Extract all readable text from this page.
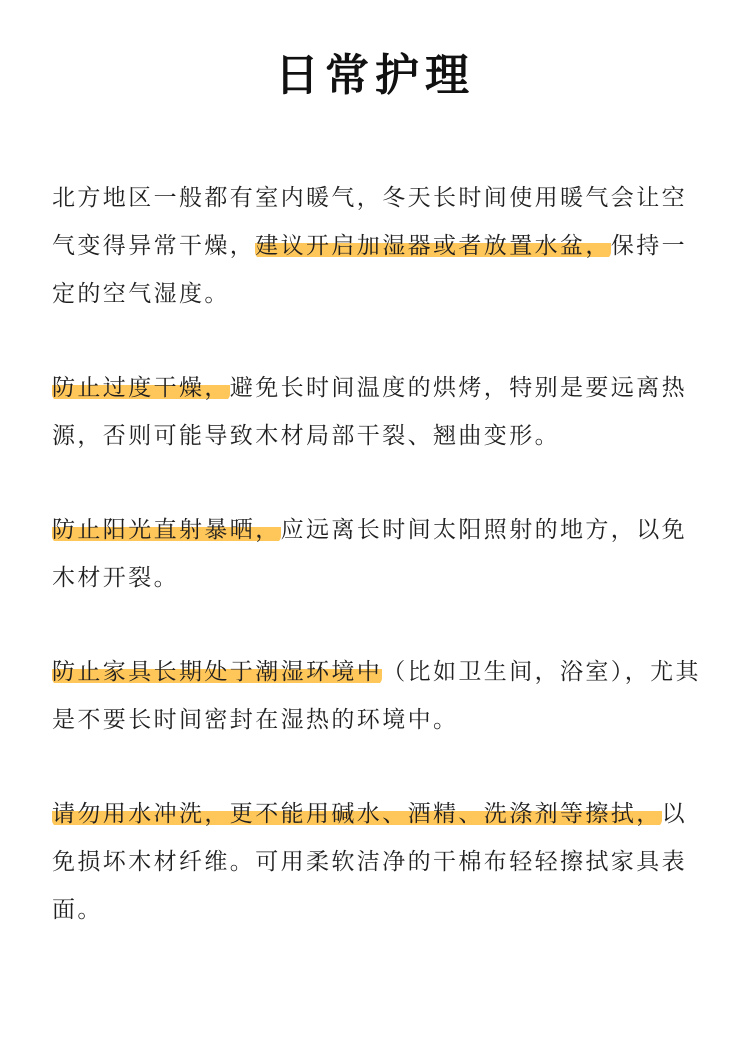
日常护理

北方地区一般都有室内暖气，冬天长时间使用暖气会让空气变得异常干燥，建议开启加湿器或者放置水盆，保持一定的空气湿度。

防止过度干燥，避免长时间温度的烘烤，特别是要远离热源，否则可能导致木材局部干裂、翘曲变形。

防止阳光直射暴晒，应远离长时间太阳照射的地方，以免木材开裂。

防止家具长期处于潮湿环境中（比如卫生间，浴室），尤其是不要长时间密封在湿热的环境中。

请勿用水冲洗，更不能用碱水、酒精、洗涤剂等擦拭，以免损坏木材纤维。可用柔软洁净的干棉布轻轻擦拭家具表面。
